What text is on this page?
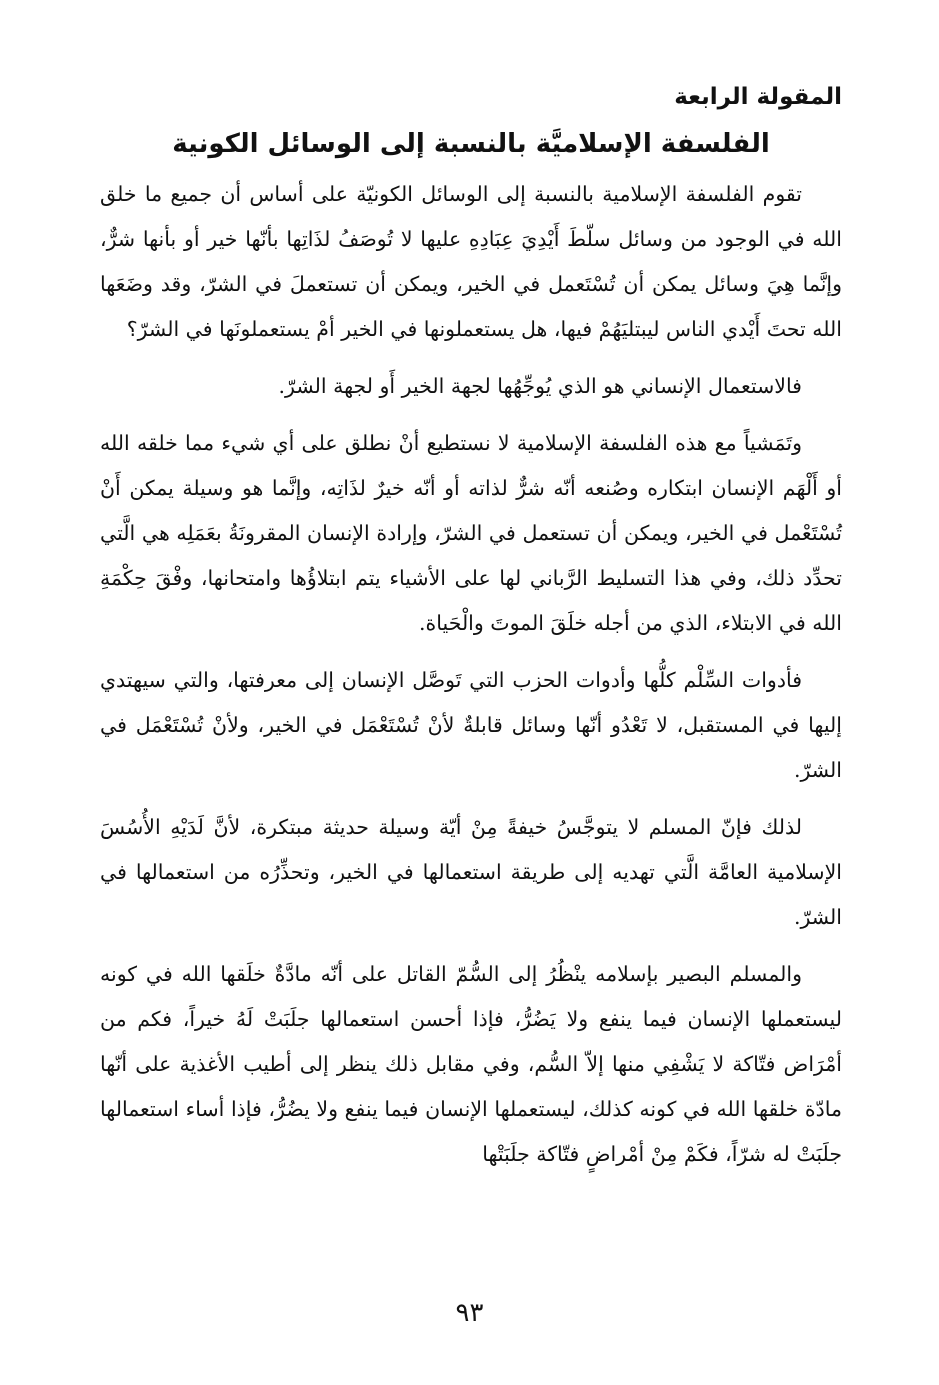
المقولة الرابعة
الفلسفة الإسلاميَّة بالنسبة إلى الوسائل الكونية

تقوم الفلسفة الإسلامية بالنسبة إلى الوسائل الكونيّة على أساس أن جميع ما خلق الله في الوجود من وسائل سلّطَ أَيْدِيَ عِبَادِهِ عليها لا تُوصَفُ لذَاتِها بأنّها خير أو بأنها شرٌّ، وإنَّما هِيَ وسائل يمكن أن تُسْتَعمل في الخير، ويمكن أن تستعملَ في الشرّ، وقد وضَعَها الله تحتَ أَيْدي الناس ليبتليَهُمْ فيها، هل يستعملونها في الخير أمْ يستعملونَها في الشرّ؟

فالاستعمال الإنساني هو الذي يُوجِّهُها لجهة الخير أَو لجهة الشرّ.

وتَمَشياً مع هذه الفلسفة الإسلامية لا نستطيع أنْ نطلق على أي شيء مما خلقه الله أو أَلْهَم الإنسان ابتكاره وصُنعه أنّه شرٌّ لذاته أو أنّه خيرٌ لذَاتِه، وإنَّما هو وسيلة يمكن أَنْ تُسْتَعْمل في الخير، ويمكن أن تستعمل في الشرّ، وإرادة الإنسان المقرونَةُ بعَمَلِه هي الَّتي تحدِّد ذلك، وفي هذا التسليط الرَّباني لها على الأشياء يتم ابتلاؤُها وامتحانها، وفْقَ حِكْمَةِ الله في الابتلاء، الذي من أجله خلَقَ الموتَ والْحَياة.

فأدوات السِّلْم كلُّها وأدوات الحزب التي تَوصَّل الإنسان إلى معرفتها، والتي سيهتدي إليها في المستقبل، لا تَعْدُو أنّها وسائل قابلةٌ لأنْ تُسْتَعْمَل في الخير، ولأنْ تُسْتَعْمَل في الشرّ.

لذلك فإنّ المسلم لا يتوجَّسُ خيفةً مِنْ أيّة وسيلة حديثة مبتكرة، لأنَّ لَدَيْهِ الأُسُسَ الإسلامية العامَّة الَّتي تهديه إلى طريقة استعمالها في الخير، وتحذِّرُه من استعمالها في الشرّ.

والمسلم البصير بإسلامه ينْظُرُ إلى السُّمّ القاتل على أنّه مادَّةٌ خلَقها الله في كونه ليستعملها الإنسان فيما ينفع ولا يَضُرُّ، فإذا أحسن استعمالها جلَبَتْ لَهُ خيراً، فكم من أمْرَاض فتّاكة لا يَشْفِي منها إلاّ السُّم، وفي مقابل ذلك ينظر إلى أطيب الأغذية على أنّها مادّة خلقها الله في كونه كذلك، ليستعملها الإنسان فيما ينفع ولا يضُرُّ، فإذا أساء استعمالها جلَبَتْ له شرّاً، فكَمْ مِنْ أمْراضٍ فتّاكة جلَبَتْها

٩٣
